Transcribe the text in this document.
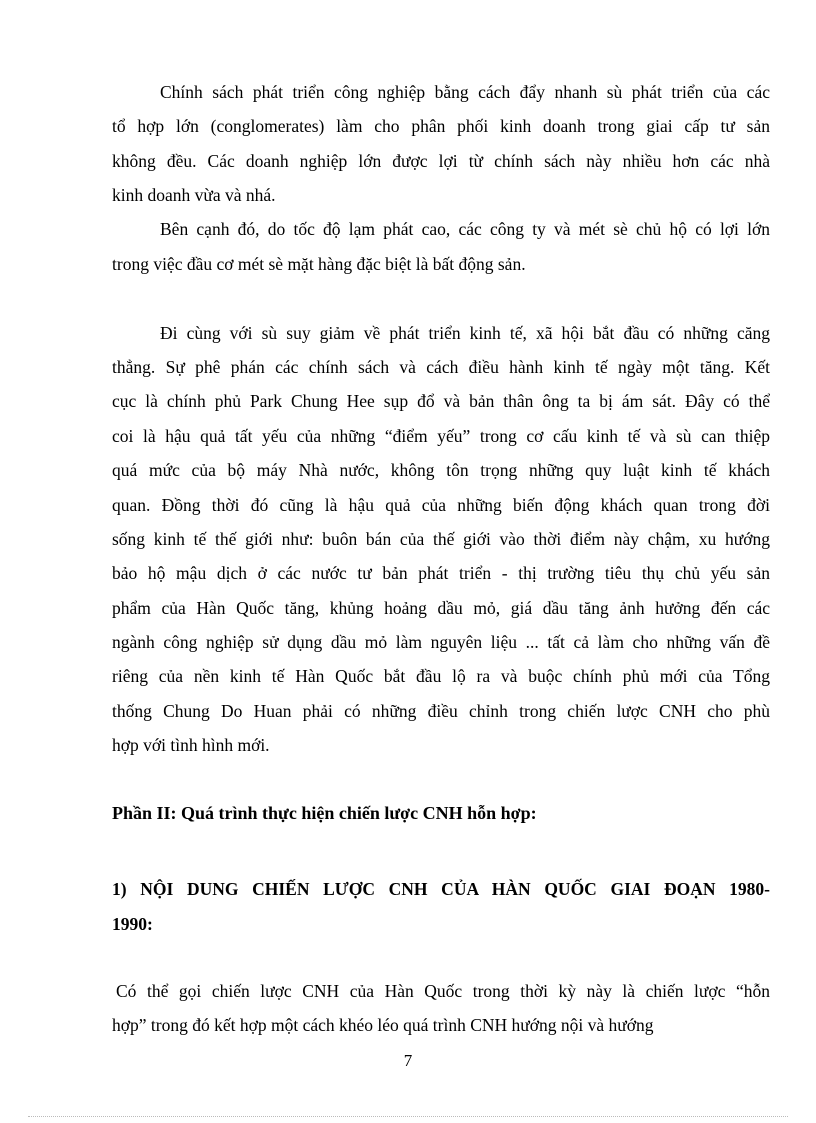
Chính sách phát triển công nghiệp bằng cách đẩy nhanh sù phát triển của các
tổ hợp lớn (conglomerates) làm cho phân phối kinh doanh trong giai cấp tư sản
không đều. Các doanh nghiệp lớn được lợi từ chính sách này nhiều hơn các nhà
kinh doanh vừa và nhá.
Bên cạnh đó, do tốc độ lạm phát cao, các công ty và mét sè chủ hộ có lợi lớn
trong việc đầu cơ mét sè mặt hàng đặc biệt là bất động sản.
Đi cùng với sù suy giảm về phát triển kinh tế, xã hội bắt đầu có những căng
thẳng. Sự phê phán các chính sách và cách điều hành kinh tế ngày một tăng. Kết
cục là chính phủ Park Chung Hee sụp đổ và bản thân ông ta bị ám sát. Đây có thể
coi là hậu quả tất yếu của những “điểm yếu” trong cơ cấu kinh tế và sù can thiệp
quá mức của bộ máy Nhà nước, không tôn trọng những quy luật kinh tế khách
quan. Đồng thời đó cũng là hậu quả của những biến động khách quan trong đời
sống kinh tế thế giới như: buôn bán của thế giới vào thời điểm này chậm, xu hướng
bảo hộ mậu dịch ở các nước tư bản phát triển - thị trường tiêu thụ chủ yếu sản
phẩm của Hàn Quốc tăng, khủng hoảng dầu mỏ, giá dầu tăng ảnh hưởng đến các
ngành công nghiệp sử dụng dầu mỏ làm nguyên liệu ... tất cả làm cho những vấn đề
riêng của nền kinh tế Hàn Quốc bắt đầu lộ ra và buộc chính phủ mới của Tổng
thống Chung Do Huan phải có những điều chỉnh trong chiến lược CNH cho phù
hợp với tình hình mới.
Phần II: Quá trình thực hiện chiến lược CNH hỗn hợp:
1) NỘI DUNG CHIẾN LƯỢC CNH CỦA HÀN QUỐC GIAI ĐOẠN 1980-
1990:
Có thể gọi chiến lược CNH của Hàn Quốc trong thời kỳ này là chiến lược “hỗn
hợp” trong đó kết hợp một cách khéo léo quá trình CNH hướng nội và hướng
7
